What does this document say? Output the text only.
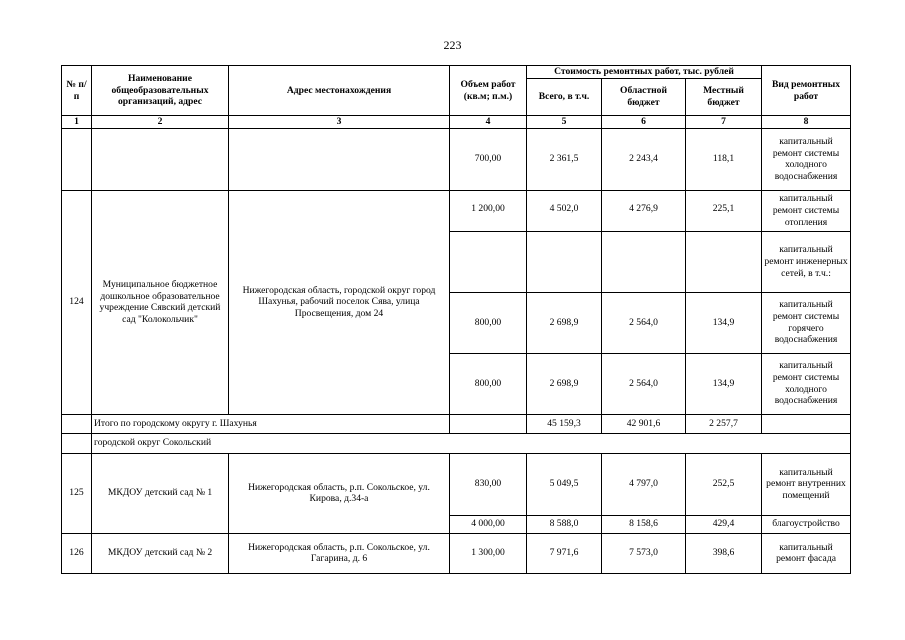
223
№ п/п	Наименование общеобразовательных организаций, адрес	Адрес местонахождения	Объем работ (кв.м; п.м.)	Стоимость ремонтных работ, тыс. рублей			Вид ремонтных работ
				Всего, в т.ч.	Областной бюджет	Местный бюджет	
1	2	3	4	5	6	7	8
			700,00	2 361,5	2 243,4	118,1	капитальный ремонт системы холодного водоснабжения
124	Муниципальное бюджетное дошкольное образовательное учреждение Сявский детский сад "Колокольчик"	Нижегородская область, городской округ город Шахунья, рабочий поселок Сява, улица Просвещения, дом 24	1 200,00	4 502,0	4 276,9	225,1	капитальный ремонт системы отопления
							капитальный ремонт инженерных сетей, в т.ч.:
			800,00	2 698,9	2 564,0	134,9	капитальный ремонт системы горячего водоснабжения
			800,00	2 698,9	2 564,0	134,9	капитальный ремонт системы холодного водоснабжения
	Итого по городскому округу г. Шахунья			45 159,3	42 901,6	2 257,7	
	городской округ Сокольский						
125	МКДОУ детский сад № 1	Нижегородская область, р.п. Сокольское, ул. Кирова, д.34-а	830,00	5 049,5	4 797,0	252,5	капитальный ремонт внутренних помещений
			4 000,00	8 588,0	8 158,6	429,4	благоустройство
126	МКДОУ детский сад № 2	Нижегородская область, р.п. Сокольское, ул. Гагарина, д. 6	1 300,00	7 971,6	7 573,0	398,6	капитальный ремонт фасада
